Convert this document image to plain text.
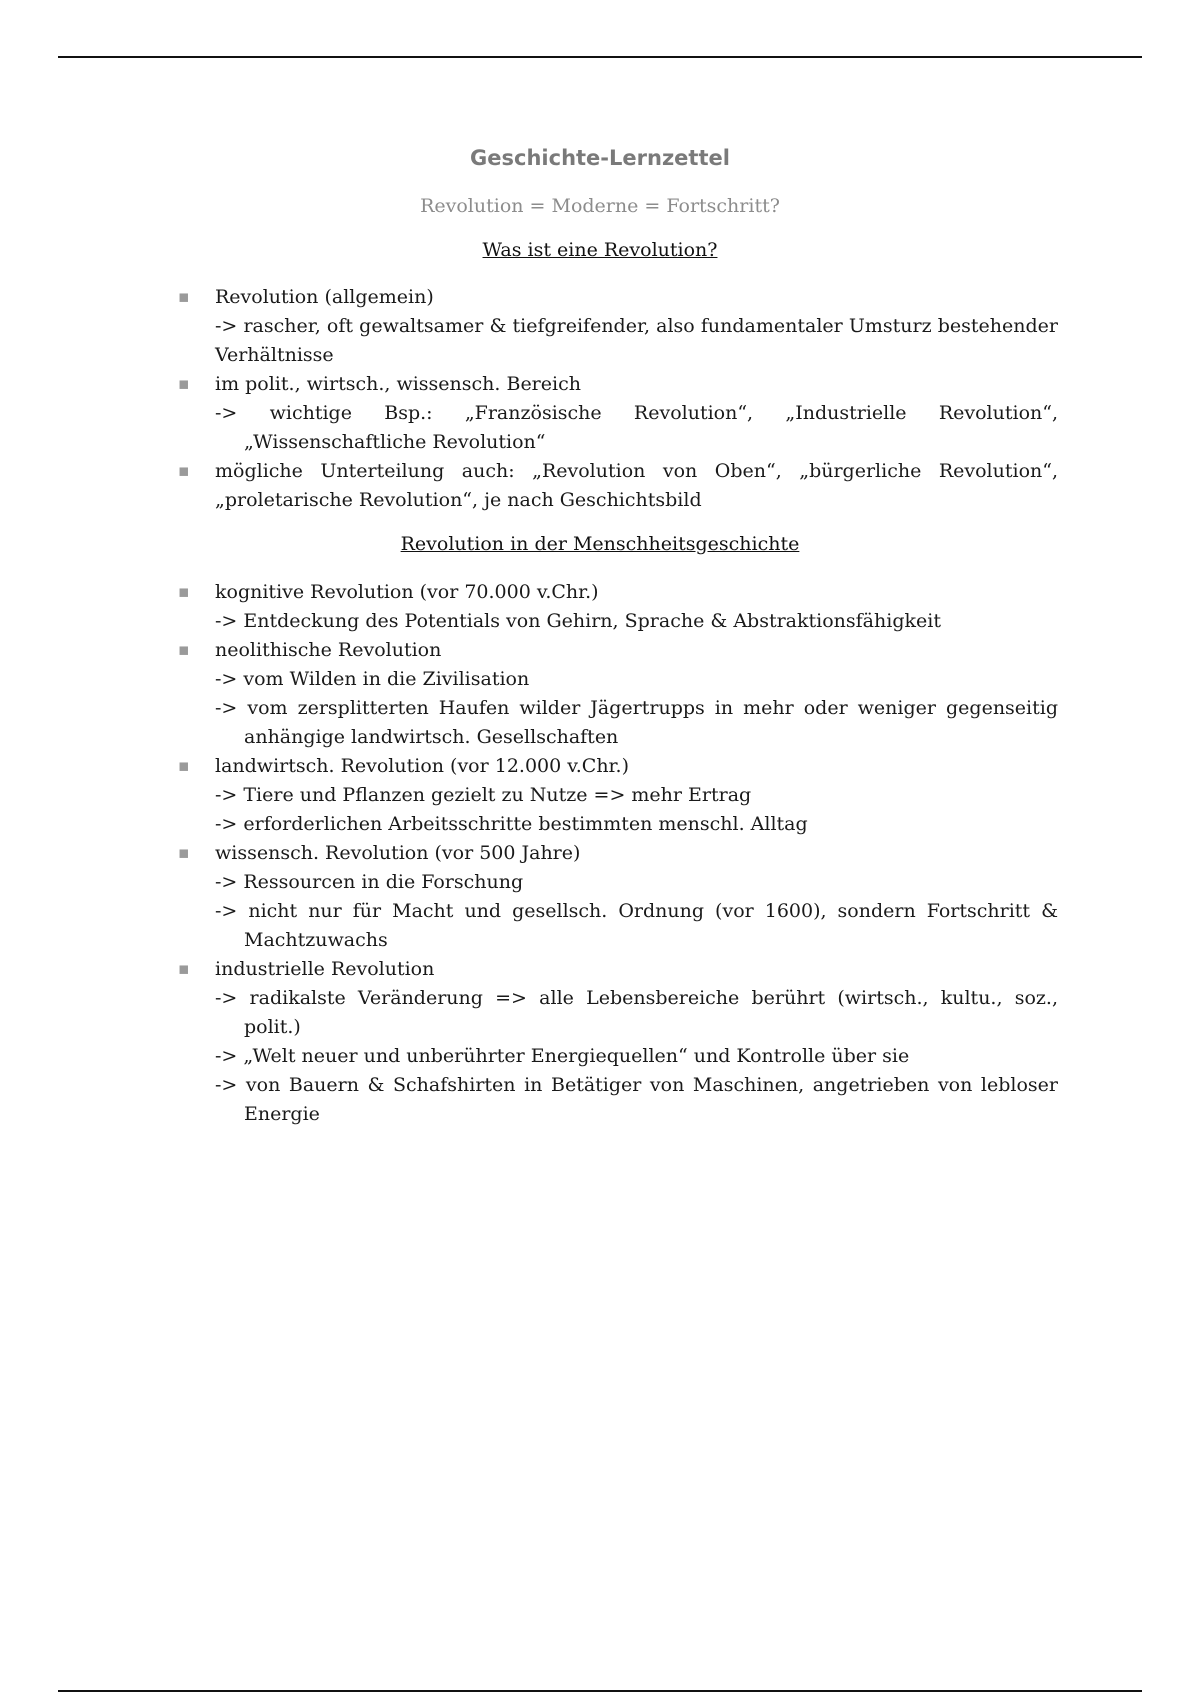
Geschichte-Lernzettel
Revolution = Moderne = Fortschritt?
Was ist eine Revolution?
▪	Revolution (allgemein)
-> rascher, oft gewaltsamer & tiefgreifender, also fundamentaler Umsturz bestehender Verhältnisse
▪	im polit., wirtsch., wissensch. Bereich
-> wichtige Bsp.: „Französische Revolution“, „Industrielle Revolution“, „Wissenschaftliche Revolution“
▪	mögliche Unterteilung auch: „Revolution von Oben“, „bürgerliche Revolution“, „proletarische Revolution“, je nach Geschichtsbild
Revolution in der Menschheitsgeschichte
▪	kognitive Revolution (vor 70.000 v.Chr.)
-> Entdeckung des Potentials von Gehirn, Sprache & Abstraktionsfähigkeit
▪	neolithische Revolution
-> vom Wilden in die Zivilisation
-> vom zersplitterten Haufen wilder Jägertrupps in mehr oder weniger gegenseitig anhängige landwirtsch. Gesellschaften
▪	landwirtsch. Revolution (vor 12.000 v.Chr.)
-> Tiere und Pflanzen gezielt zu Nutze => mehr Ertrag
-> erforderlichen Arbeitsschritte bestimmten menschl. Alltag
▪	wissensch. Revolution (vor 500 Jahre)
-> Ressourcen in die Forschung
-> nicht nur für Macht und gesellsch. Ordnung (vor 1600), sondern Fortschritt & Machtzuwachs
▪	industrielle Revolution
-> radikalste Veränderung => alle Lebensbereiche berührt (wirtsch., kultu., soz., polit.)
-> „Welt neuer und unberührter Energiequellen“ und Kontrolle über sie
-> von Bauern & Schafshirten in Betätiger von Maschinen, angetrieben von lebloser Energie
